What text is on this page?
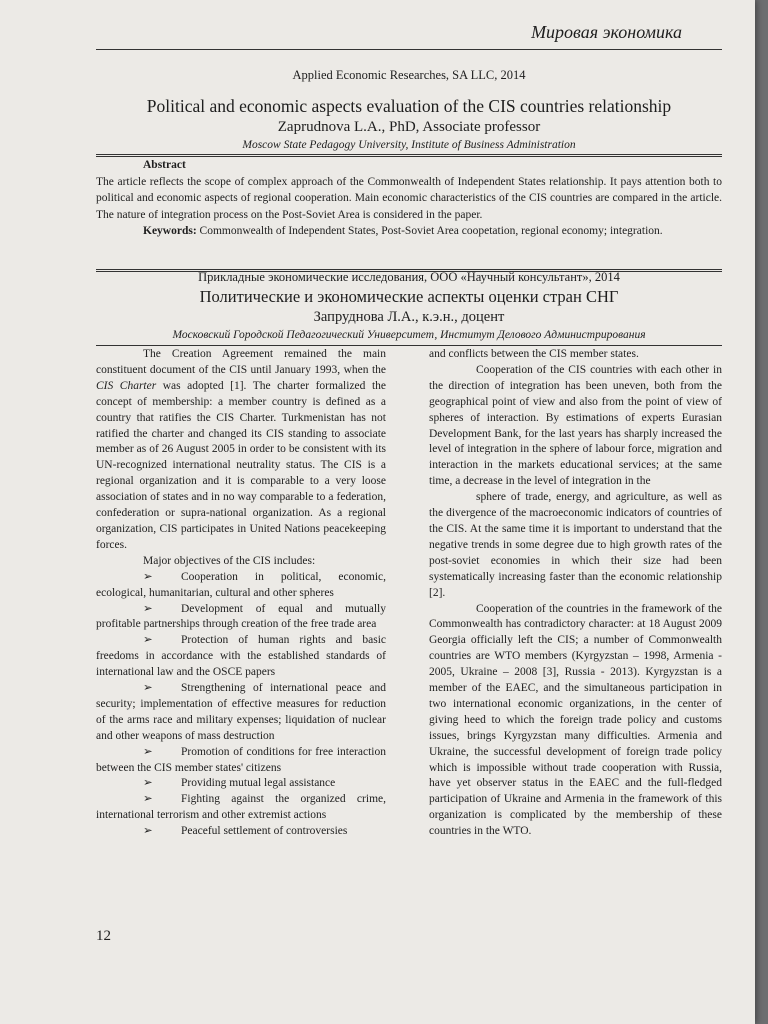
Мировая экономика
Applied Economic Researches, SA LLC, 2014
Political and economic aspects evaluation of the CIS countries relationship
Zaprudnova L.A., PhD, Associate professor
Moscow State Pedagogy University, Institute of Business Administration
Abstract
The article reflects the scope of complex approach of the Commonwealth of Independent States relationship. It pays attention both to political and economic aspects of regional cooperation. Main economic characteristics of the CIS countries are compared in the article. The nature of integration process on the Post-Soviet Area is considered in the paper.
Keywords: Commonwealth of Independent States, Post-Soviet Area coopetation, regional economy; integration.
Прикладные экономические исследования, ООО «Научный консультант», 2014
Политические и экономические аспекты оценки стран СНГ
Запруднова Л.А., к.э.н., доцент
Московский Городской Педагогический Университет, Институт Делового Администрирования

The Creation Agreement remained the main constituent document of the CIS until January 1993, when the CIS Charter was adopted [1]. The charter formalized the concept of membership: a member country is defined as a country that ratifies the CIS Charter. Turkmenistan has not ratified the charter and changed its CIS standing to associate member as of 26 August 2005 in order to be consistent with its UN-recognized international neutrality status. The CIS is a regional organization and it is comparable to a very loose association of states and in no way comparable to a federation, confederation or supra-national organization. As a regional organization, CIS participates in United Nations peacekeeping forces.

Major objectives of the CIS includes:

➢ Cooperation in political, economic, ecological, humanitarian, cultural and other spheres

➢ Development of equal and mutually profitable partnerships through creation of the free trade area

➢ Protection of human rights and basic freedoms in accordance with the established standards of international law and the OSCE papers

➢ Strengthening of international peace and security; implementation of effective measures for reduction of the arms race and military expenses; liquidation of nuclear and other weapons of mass destruction

➢ Promotion of conditions for free interaction between the CIS member states' citizens

➢ Providing mutual legal assistance

➢ Fighting against the organized crime, international terrorism and other extremist actions

➢ Peaceful settlement of controversies

and conflicts between the CIS member states.

Cooperation of the CIS countries with each other in the direction of integration has been uneven, both from the geographical point of view and also from the point of view of spheres of interaction. By estimations of experts Eurasian Development Bank, for the last years has sharply increased the level of integration in the sphere of labour force, migration and interaction in the markets educational services; at the same time, a decrease in the level of integration in the

sphere of trade, energy, and agriculture, as well as the divergence of the macroeconomic indicators of countries of the CIS. At the same time it is important to understand that the negative trends in some degree due to high growth rates of the post-soviet economies in which their size had been systematically increasing faster than the economic relationship [2].

Cooperation of the countries in the framework of the Commonwealth has contradictory character: at 18 August 2009 Georgia officially left the CIS; a number of Commonwealth countries are WTO members (Kyrgyzstan – 1998, Armenia - 2005, Ukraine – 2008 [3], Russia - 2013). Kyrgyzstan is a member of the EAEC, and the simultaneous participation in two international economic organizations, in the center of giving heed to which the foreign trade policy and customs issues, brings Kyrgyzstan many difficulties. Armenia and Ukraine, the successful development of foreign trade policy which is impossible without trade cooperation with Russia, have yet observer status in the EAEC and the full-fledged participation of Ukraine and Armenia in the framework of this organization is complicated by the membership of these countries in the WTO.

12
